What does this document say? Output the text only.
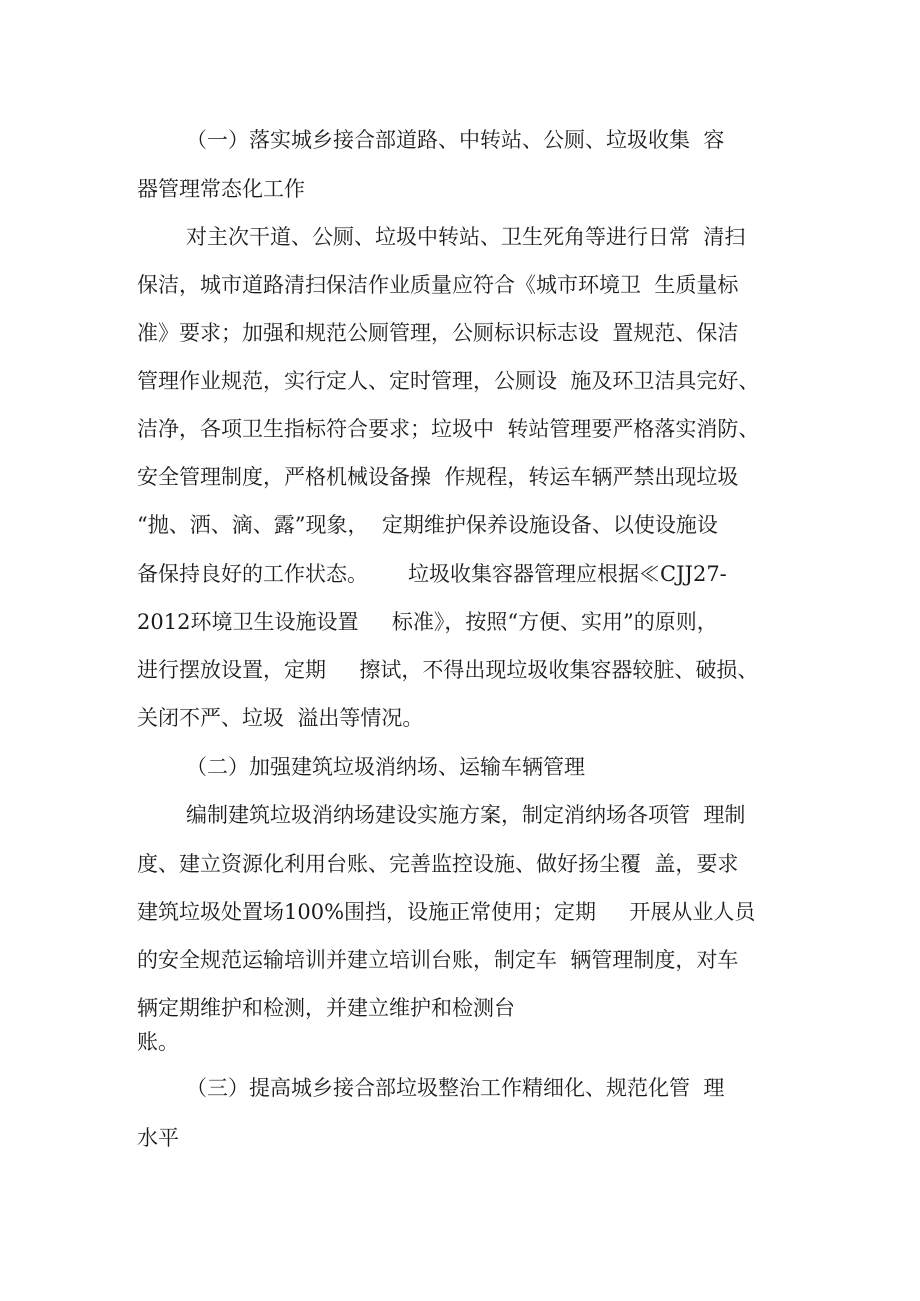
（一）落实城乡接合部道路、中转站、公厕、垃圾收集  容
器管理常态化工作
对主次干道、公厕、垃圾中转站、卫生死角等进行日常  清扫
保洁，城市道路清扫保洁作业质量应符合《城市环境卫  生质量标
准》要求；加强和规范公厕管理，公厕标识标志设  置规范、保洁
管理作业规范，实行定人、定时管理，公厕设  施及环卫洁具完好、
洁净，各项卫生指标符合要求；垃圾中  转站管理要严格落实消防、
安全管理制度，严格机械设备操  作规程，转运车辆严禁出现垃圾
“抛、洒、滴、露”现象，  定期维护保养设施设备、以使设施设
备保持良好的工作状态。      垃圾收集容器管理应根据≪CJJ27-
2012环境卫生设施设置     标准》，按照“方便、实用”的原则，
进行摆放设置，定期     擦试，不得出现垃圾收集容器较脏、破损、
关闭不严、垃圾  溢出等情况。
（二）加强建筑垃圾消纳场、运输车辆管理
编制建筑垃圾消纳场建设实施方案，制定消纳场各项管  理制
度、建立资源化利用台账、完善监控设施、做好扬尘覆  盖，要求
建筑垃圾处置场100%围挡，设施正常使用；定期     开展从业人员
的安全规范运输培训并建立培训台账，制定车  辆管理制度，对车
辆定期维护和检测，并建立维护和检测台
账。
（三）提高城乡接合部垃圾整治工作精细化、规范化管  理
水平
